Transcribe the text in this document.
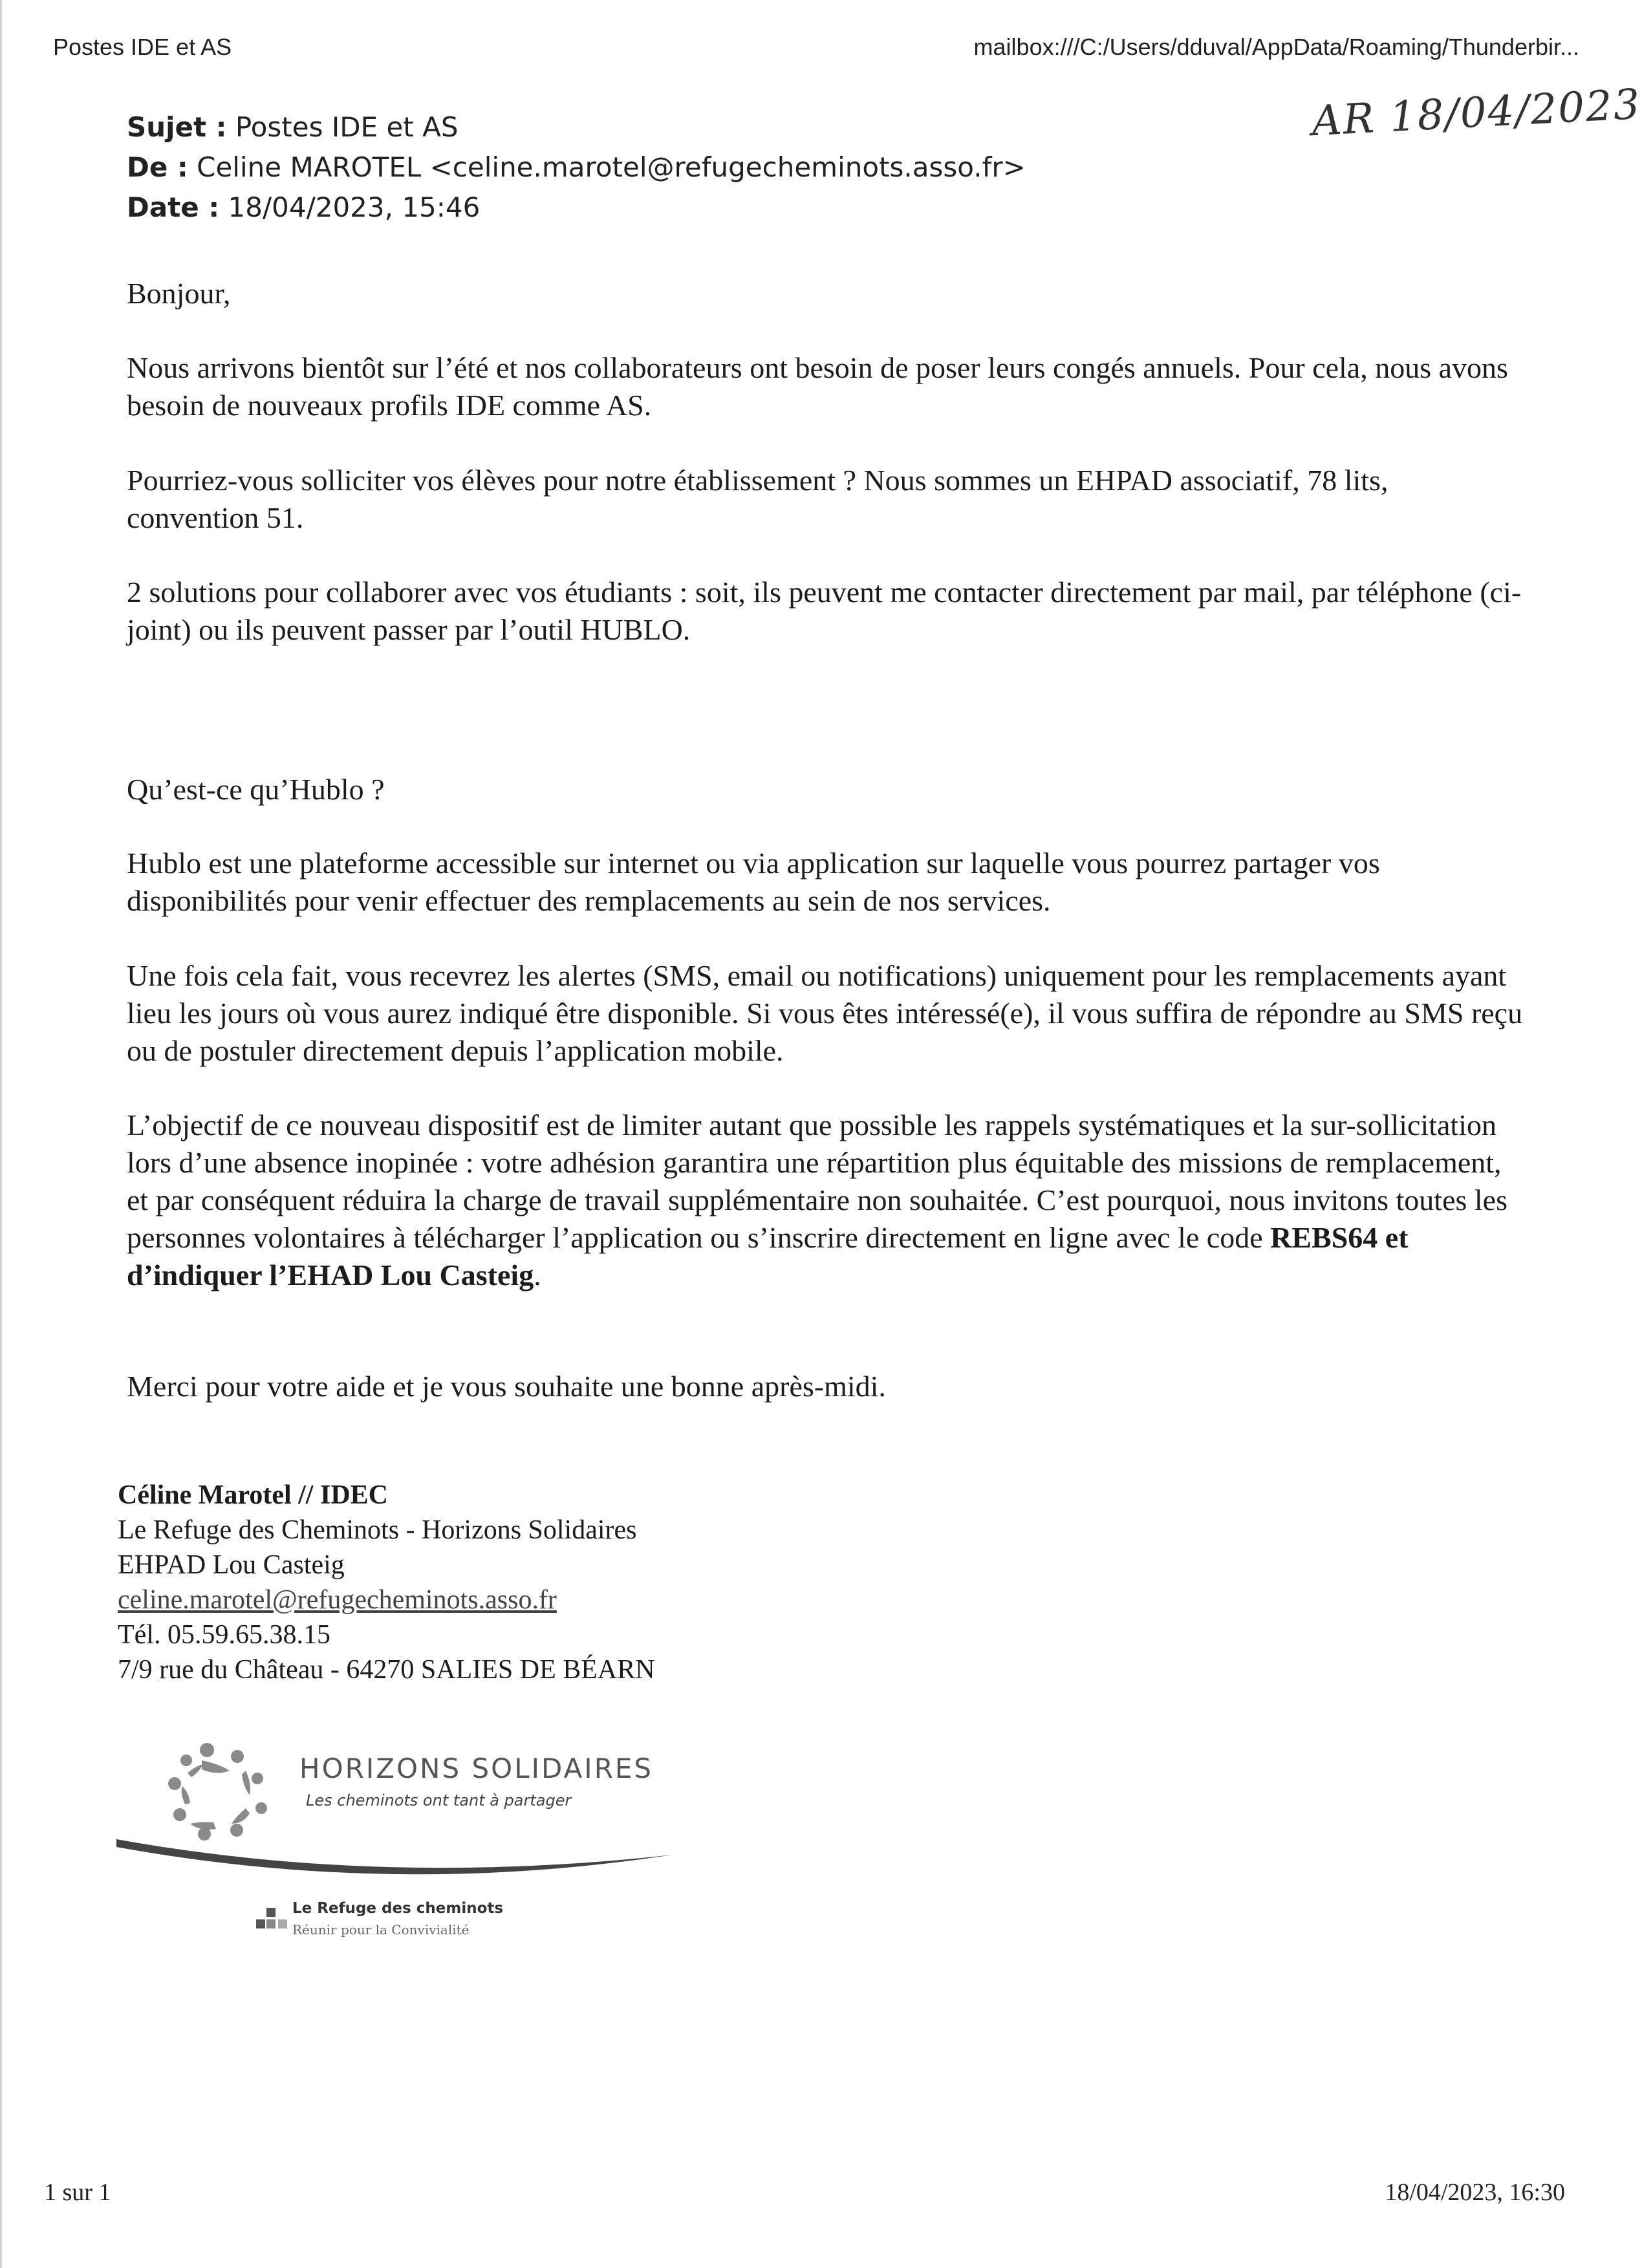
Postes IDE et AS	mailbox:///C:/Users/dduval/AppData/Roaming/Thunderbir...
AR 18/04/2023
Sujet : Postes IDE et AS
De : Celine MAROTEL <celine.marotel@refugecheminots.asso.fr>
Date : 18/04/2023, 15:46

Bonjour,

Nous arrivons bientôt sur l’été et nos collaborateurs ont besoin de poser leurs congés annuels. Pour cela, nous avons besoin de nouveaux profils IDE comme AS.

Pourriez-vous solliciter vos élèves pour notre établissement ? Nous sommes un EHPAD associatif, 78 lits, convention 51.

2 solutions pour collaborer avec vos étudiants : soit, ils peuvent me contacter directement par mail, par téléphone (ci-joint) ou ils peuvent passer par l’outil HUBLO.

Qu’est-ce qu’Hublo ?

Hublo est une plateforme accessible sur internet ou via application sur laquelle vous pourrez partager vos disponibilités pour venir effectuer des remplacements au sein de nos services.

Une fois cela fait, vous recevrez les alertes (SMS, email ou notifications) uniquement pour les remplacements ayant lieu les jours où vous aurez indiqué être disponible. Si vous êtes intéressé(e), il vous suffira de répondre au SMS reçu ou de postuler directement depuis l’application mobile.

L’objectif de ce nouveau dispositif est de limiter autant que possible les rappels systématiques et la sur-sollicitation lors d’une absence inopinée : votre adhésion garantira une répartition plus équitable des missions de remplacement, et par conséquent réduira la charge de travail supplémentaire non souhaitée. C’est pourquoi, nous invitons toutes les personnes volontaires à télécharger l’application ou s’inscrire directement en ligne avec le code REBS64 et d’indiquer l’EHAD Lou Casteig.

Merci pour votre aide et je vous souhaite une bonne après-midi.

Céline Marotel // IDEC

Le Refuge des Cheminots - Horizons Solidaires

EHPAD Lou Casteig

celine.marotel@refugecheminots.asso.fr

Tél. 05.59.65.38.15

7/9 rue du Château - 64270 SALIES DE BÉARN

HORIZONS SOLIDAIRES
Les cheminots ont tant à partager
Le Refuge des cheminots
Réunir pour la Convivialité
1 sur 1	18/04/2023, 16:30
